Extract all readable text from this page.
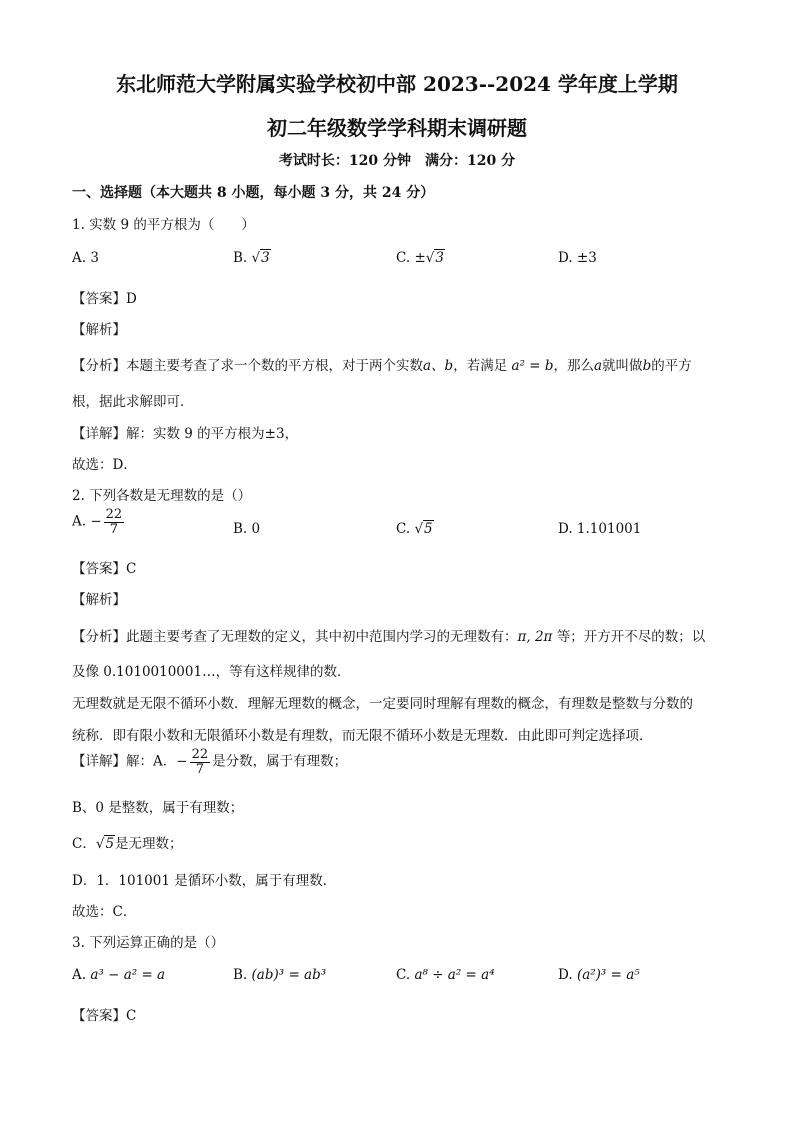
东北师范大学附属实验学校初中部 2023--2024 学年度上学期
初二年级数学学科期末调研题
考试时长：120 分钟　满分：120 分
一、选择题（本大题共 8 小题，每小题 3 分，共 24 分）
1. 实数 9 的平方根为（　　）
A. 3	B. √3	C. ±√3	D. ±3
【答案】D
【解析】
【分析】本题主要考查了求一个数的平方根，对于两个实数a、b，若满足 a² = b，那么a就叫做b的平方
根，据此求解即可．
【详解】解：实数 9 的平方根为±3，
故选：D．
2. 下列各数是无理数的是（）
A. − $\frac{22}{7}$	B. 0	C. √5	D. 1.101001
【答案】C
【解析】
【分析】此题主要考查了无理数的定义，其中初中范围内学习的无理数有：π, 2π 等；开方开不尽的数；以
及像 0.1010010001…，等有这样规律的数．
无理数就是无限不循环小数．理解无理数的概念，一定要同时理解有理数的概念，有理数是整数与分数的
统称．即有限小数和无限循环小数是有理数，而无限不循环小数是无理数．由此即可判定选择项．
【详解】解：A．− $\frac{22}{7}$ 是分数，属于有理数；
B、0 是整数，属于有理数；
C．√5是无理数；
D．1．101001 是循环小数，属于有理数．
故选：C．
3. 下列运算正确的是（）
A. a³ − a² = a	B. (ab)³ = ab³	C. a⁸ ÷ a² = a⁴	D. (a²)³ = a⁵
【答案】C
